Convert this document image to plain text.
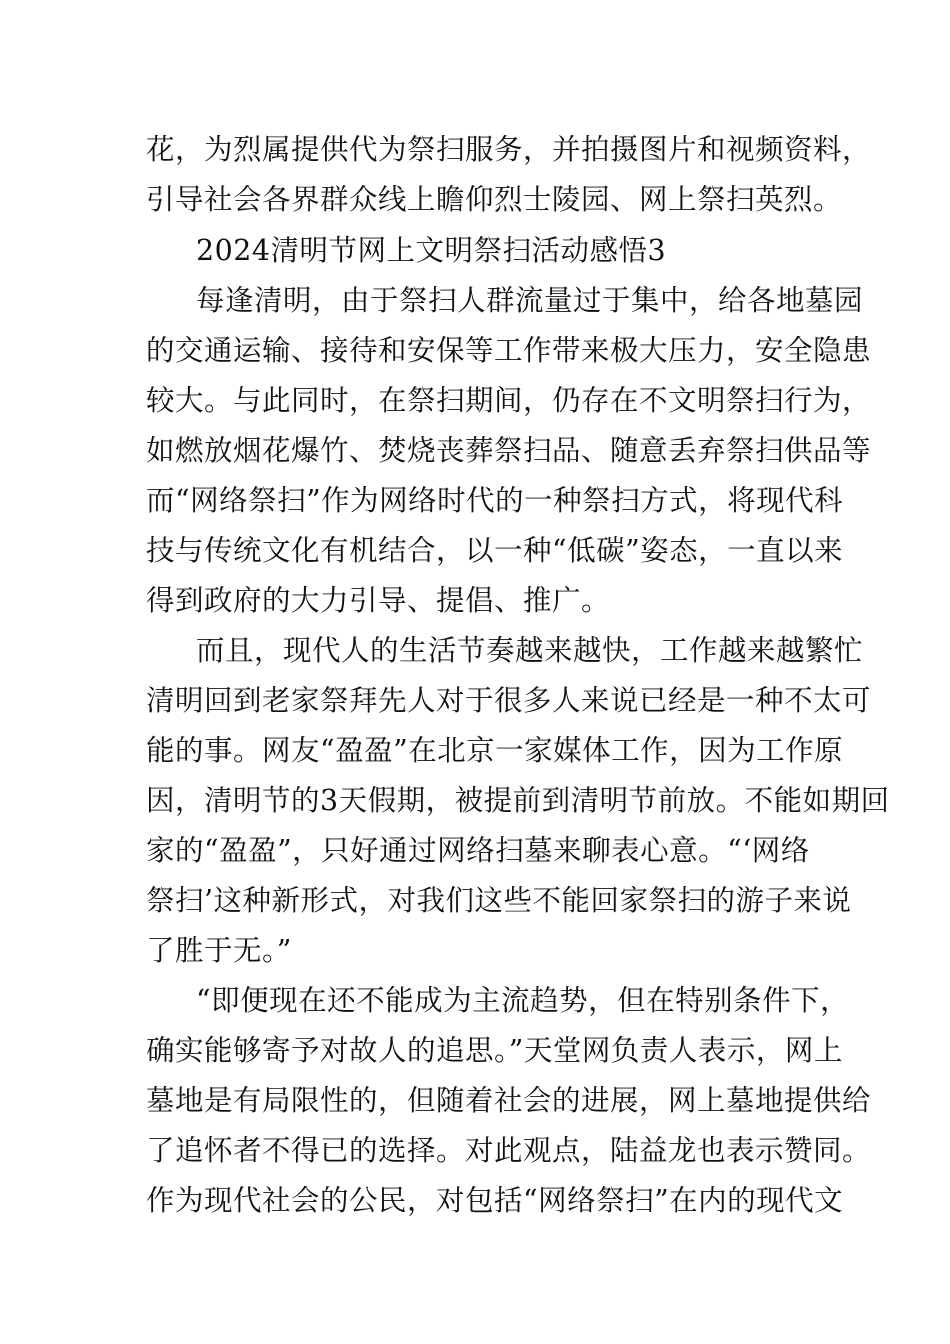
花，为烈属提供代为祭扫服务，并拍摄图片和视频资料，
引导社会各界群众线上瞻仰烈士陵园、网上祭扫英烈。
2024清明节网上文明祭扫活动感悟3
每逢清明，由于祭扫人群流量过于集中，给各地墓园
的交通运输、接待和安保等工作带来极大压力，安全隐患
较大。与此同时，在祭扫期间，仍存在不文明祭扫行为，
如燃放烟花爆竹、焚烧丧葬祭扫品、随意丢弃祭扫供品等
而“网络祭扫”作为网络时代的一种祭扫方式，将现代科
技与传统文化有机结合，以一种“低碳”姿态，一直以来
得到政府的大力引导、提倡、推广。
而且，现代人的生活节奏越来越快，工作越来越繁忙
清明回到老家祭拜先人对于很多人来说已经是一种不太可
能的事。网友“盈盈”在北京一家媒体工作，因为工作原
因，清明节的3天假期，被提前到清明节前放。不能如期回
家的“盈盈”，只好通过网络扫墓来聊表心意。“‘网络
祭扫’这种新形式，对我们这些不能回家祭扫的游子来说
了胜于无。”
“即便现在还不能成为主流趋势，但在特别条件下，
确实能够寄予对故人的追思。”天堂网负责人表示，网上
墓地是有局限性的，但随着社会的进展，网上墓地提供给
了追怀者不得已的选择。对此观点，陆益龙也表示赞同。
作为现代社会的公民，对包括“网络祭扫”在内的现代文
